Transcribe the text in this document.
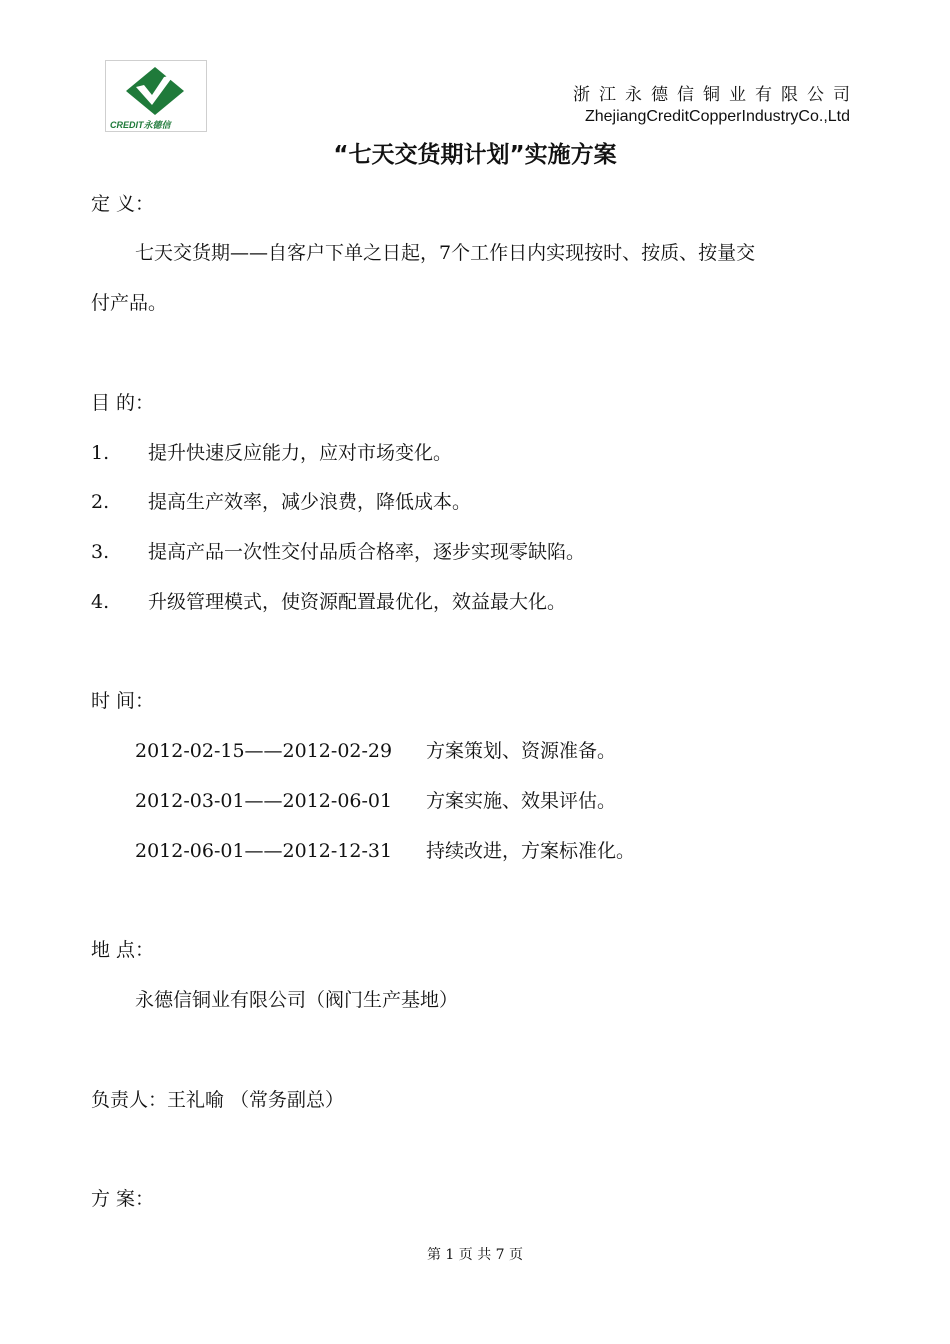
CREDIT永德信
浙江永德信铜业有限公司
ZhejiangCreditCopperIndustryCo.,Ltd
“七天交货期计划”实施方案
定 义：
七天交货期——自客户下单之日起，7个工作日内实现按时、按质、按量交
付产品。
目 的：
1. 提升快速反应能力，应对市场变化。
2. 提高生产效率，减少浪费，降低成本。
3. 提高产品一次性交付品质合格率，逐步实现零缺陷。
4. 升级管理模式，使资源配置最优化，效益最大化。
时 间：
2012-02-15——2012-02-29 方案策划、资源准备。
2012-03-01——2012-06-01 方案实施、效果评估。
2012-06-01——2012-12-31 持续改进，方案标准化。
地 点：
永德信铜业有限公司（阀门生产基地）
负责人：王礼喻 （常务副总）
方 案：
第 1 页 共 7 页
